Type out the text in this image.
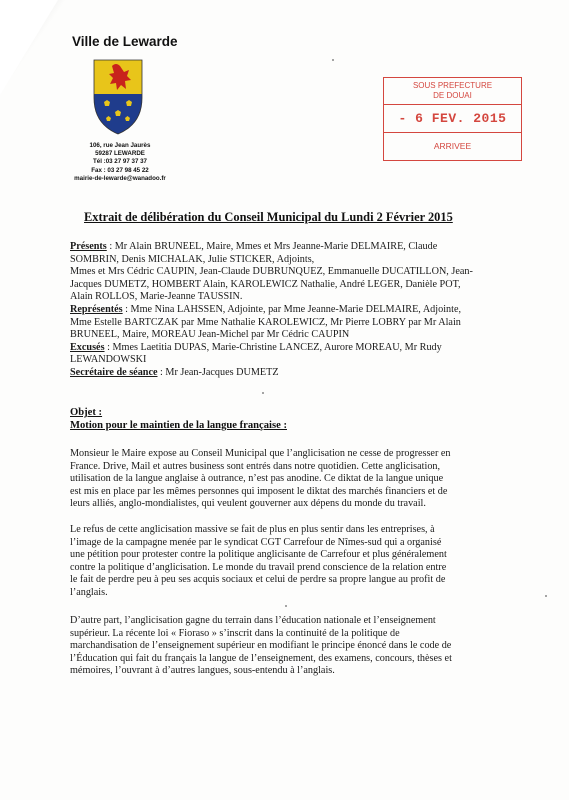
Ville de Lewarde
106, rue Jean Jaurès
59287 LEWARDE
Tél :03 27 97 37 37
Fax : 03 27 98 45 22
mairie-de-lewarde@wanadoo.fr
SOUS PREFECTURE
DE DOUAI
- 6 FEV. 2015
ARRIVEE
Extrait de délibération du Conseil Municipal du Lundi 2 Février 2015
Présents : Mr Alain BRUNEEL, Maire, Mmes et Mrs Jeanne-Marie DELMAIRE, Claude
SOMBRIN, Denis MICHALAK, Julie STICKER, Adjoints,
Mmes et Mrs Cédric CAUPIN, Jean-Claude DUBRUNQUEZ, Emmanuelle DUCATILLON, Jean-
Jacques DUMETZ, HOMBERT Alain, KAROLEWICZ Nathalie, André LEGER, Danièle POT,
Alain ROLLOS, Marie-Jeanne TAUSSIN.
Représentés : Mme Nina LAHSSEN, Adjointe, par Mme Jeanne-Marie DELMAIRE, Adjointe,
Mme Estelle BARTCZAK par Mme Nathalie KAROLEWICZ, Mr Pierre LOBRY par Mr Alain
BRUNEEL, Maire, MOREAU Jean-Michel par Mr Cédric CAUPIN
Excusés : Mmes Laetitia DUPAS, Marie-Christine LANCEZ, Aurore MOREAU, Mr Rudy
LEWANDOWSKI
Secrétaire de séance : Mr Jean-Jacques DUMETZ
Objet :
Motion pour le maintien de la langue française :
Monsieur le Maire expose au Conseil Municipal que l’anglicisation ne cesse de progresser en
France. Drive, Mail et autres business sont entrés dans notre quotidien. Cette anglicisation,
utilisation de la langue anglaise à outrance, n’est pas anodine. Ce diktat de la langue unique
est mis en place par les mêmes personnes qui imposent le diktat des marchés financiers et de
leurs alliés, anglo-mondialistes, qui veulent gouverner aux dépens du monde du travail.
Le refus de cette anglicisation massive se fait de plus en plus sentir dans les entreprises, à
l’image de la campagne menée par le syndicat CGT Carrefour de Nîmes-sud qui a organisé
une pétition pour protester contre la politique anglicisante de Carrefour et plus généralement
contre la politique d’anglicisation. Le monde du travail prend conscience de la relation entre
le fait de perdre peu à peu ses acquis sociaux et celui de perdre sa propre langue au profit de
l’anglais.
D’autre part, l’anglicisation gagne du terrain dans l’éducation nationale et l’enseignement
supérieur. La récente loi « Fioraso » s’inscrit dans la continuité de la politique de
marchandisation de l’enseignement supérieur en modifiant le principe énoncé dans le code de
l’Éducation qui fait du français la langue de l’enseignement, des examens, concours, thèses et
mémoires, l’ouvrant à d’autres langues, sous-entendu à l’anglais.
